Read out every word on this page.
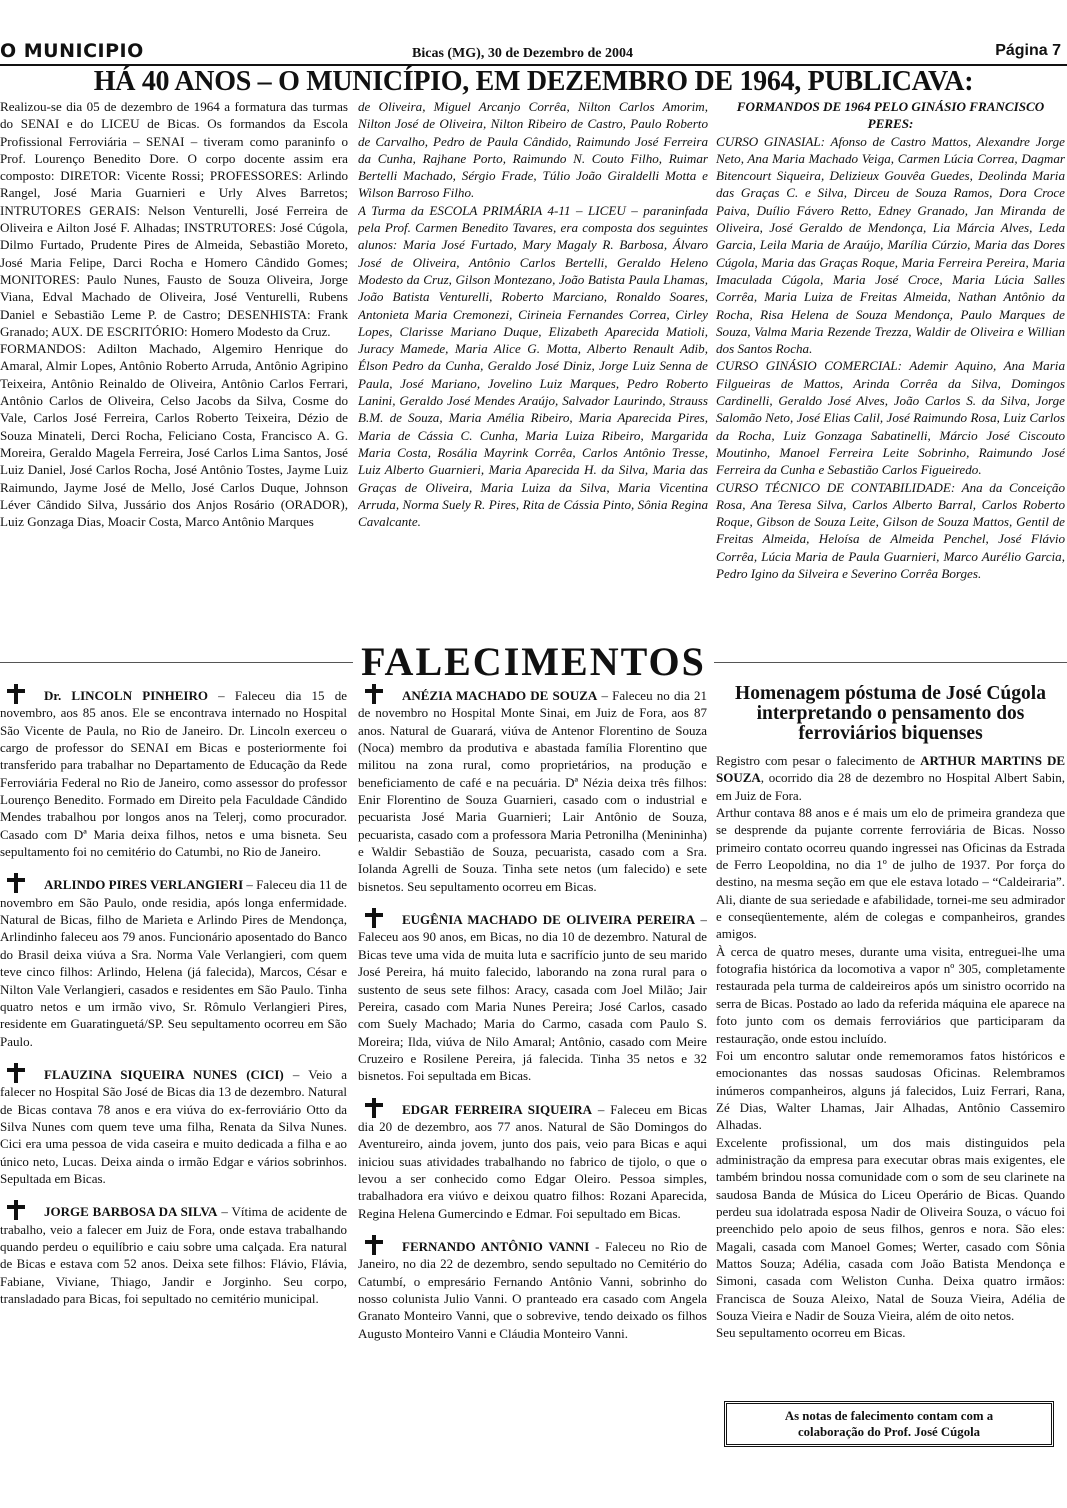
O MUNICIPIO	Bicas (MG), 30 de Dezembro de 2004	Página 7
HÁ 40 ANOS – O MUNICÍPIO, EM DEZEMBRO DE 1964, PUBLICAVA:

Realizou-se dia 05 de dezembro de 1964 a formatura das turmas do SENAI e do LICEU de Bicas. Os formandos da Escola Profissional Ferroviária – SENAI – tiveram como paraninfo o Prof. Lourenço Benedito Dore. O corpo docente assim era composto: DIRETOR: Vicente Rossi; PROFESSORES: Arlindo Rangel, José Maria Guarnieri e Urly Alves Barretos; INTRUTORES GERAIS: Nelson Venturelli, José Ferreira de Oliveira e Ailton José F. Alhadas; INSTRUTORES: José Cúgola, Dilmo Furtado, Prudente Pires de Almeida, Sebastião Moreto, José Maria Felipe, Darci Rocha e Homero Cândido Gomes; MONITORES: Paulo Nunes, Fausto de Souza Oliveira, Jorge Viana, Edval Machado de Oliveira, José Venturelli, Rubens Daniel e Sebastião Leme P. de Castro; DESENHISTA: Frank Granado; AUX. DE ESCRITÓRIO: Homero Modesto da Cruz.

FORMANDOS: Adilton Machado, Algemiro Henrique do Amaral, Almir Lopes, Antônio Roberto Arruda, Antônio Agripino Teixeira, Antônio Reinaldo de Oliveira, Antônio Carlos Ferrari, Antônio Carlos de Oliveira, Celso Jacobs da Silva, Cosme do Vale, Carlos José Ferreira, Carlos Roberto Teixeira, Dézio de Souza Minateli, Derci Rocha, Feliciano Costa, Francisco A. G. Moreira, Geraldo Magela Ferreira, José Carlos Lima Santos, José Luiz Daniel, José Carlos Rocha, José Antônio Tostes, Jayme Luiz Raimundo, Jayme José de Mello, José Carlos Duque, Johnson Léver Cândido Silva, Jussário dos Anjos Rosário (ORADOR), Luiz Gonzaga Dias, Moacir Costa, Marco Antônio Marques

de Oliveira, Miguel Arcanjo Corrêa, Nilton Carlos Amorim, Nilton José de Oliveira, Nilton Ribeiro de Castro, Paulo Roberto de Carvalho, Pedro de Paula Cândido, Raimundo José Ferreira da Cunha, Rajhane Porto, Raimundo N. Couto Filho, Ruimar Bertelli Machado, Sérgio Frade, Túlio João Giraldelli Motta e Wilson Barroso Filho.

A Turma da ESCOLA PRIMÁRIA 4-11 – LICEU – paraninfada pela Prof. Carmen Benedito Tavares, era composta dos seguintes alunos: Maria José Furtado, Mary Magaly R. Barbosa, Álvaro José de Oliveira, Antônio Carlos Bertelli, Geraldo Heleno Modesto da Cruz, Gilson Montezano, João Batista Paula Lhamas, João Batista Venturelli, Roberto Marciano, Ronaldo Soares, Antonieta Maria Cremonezi, Cirineia Fernandes Correa, Cirley Lopes, Clarisse Mariano Duque, Elizabeth Aparecida Matioli, Juracy Mamede, Maria Alice G. Motta, Alberto Renault Adib, Élson Pedro da Cunha, Geraldo José Diniz, Jorge Luiz Senna de Paula, José Mariano, Jovelino Luiz Marques, Pedro Roberto Lanini, Geraldo José Mendes Araújo, Salvador Laurindo, Strauss B.M. de Souza, Maria Amélia Ribeiro, Maria Aparecida Pires, Maria de Cássia C. Cunha, Maria Luiza Ribeiro, Margarida Maria Costa, Rosália Mayrink Corrêa, Carlos Antônio Tresse, Luiz Alberto Guarnieri, Maria Aparecida H. da Silva, Maria das Graças de Oliveira, Maria Luiza da Silva, Maria Vicentina Arruda, Norma Suely R. Pires, Rita de Cássia Pinto, Sônia Regina Cavalcante.

FORMANDOS DE 1964 PELO GINÁSIO FRANCISCO PERES:

CURSO GINASIAL: Afonso de Castro Mattos, Alexandre Jorge Neto, Ana Maria Machado Veiga, Carmen Lúcia Correa, Dagmar Bitencourt Siqueira, Delizieux Gouvêa Guedes, Deolinda Maria das Graças C. e Silva, Dirceu de Souza Ramos, Dora Croce Paiva, Duílio Fávero Retto, Edney Granado, Jan Miranda de Oliveira, José Geraldo de Mendonça, Lia Márcia Alves, Leda Garcia, Leila Maria de Araújo, Marília Cúrzio, Maria das Dores Cúgola, Maria das Graças Roque, Maria Ferreira Pereira, Maria Imaculada Cúgola, Maria José Croce, Maria Lúcia Salles Corrêa, Maria Luiza de Freitas Almeida, Nathan Antônio da Rocha, Risa Helena de Souza Mendonça, Paulo Marques de Souza, Valma Maria Rezende Trezza, Waldir de Oliveira e Willian dos Santos Rocha.

CURSO GINÁSIO COMERCIAL: Ademir Aquino, Ana Maria Filgueiras de Mattos, Arinda Corrêa da Silva, Domingos Cardinelli, Geraldo José Alves, João Carlos S. da Silva, Jorge Salomão Neto, José Elias Calil, José Raimundo Rosa, Luiz Carlos da Rocha, Luiz Gonzaga Sabatinelli, Márcio José Ciscouto Moutinho, Manoel Ferreira Leite Sobrinho, Raimundo José Ferreira da Cunha e Sebastião Carlos Figueiredo.

CURSO TÉCNICO DE CONTABILIDADE: Ana da Conceição Rosa, Ana Teresa Silva, Carlos Alberto Barral, Carlos Roberto Roque, Gibson de Souza Leite, Gilson de Souza Mattos, Gentil de Freitas Almeida, Heloísa de Almeida Penchel, José Flávio Corrêa, Lúcia Maria de Paula Guarnieri, Marco Aurélio Garcia, Pedro Igino da Silveira e Severino Corrêa Borges.

FALECIMENTOS
Dr. LINCOLN PINHEIRO – Faleceu dia 15 de novembro, aos 85 anos. Ele se encontrava internado no Hospital São Vicente de Paula, no Rio de Janeiro. Dr. Lincoln exerceu o cargo de professor do SENAI em Bicas e posteriormente foi transferido para trabalhar no Departamento de Educação da Rede Ferroviária Federal no Rio de Janeiro, como assessor do professor Lourenço Benedito. Formado em Direito pela Faculdade Cândido Mendes trabalhou por longos anos na Telerj, como procurador. Casado com Dª Maria deixa filhos, netos e uma bisneta. Seu sepultamento foi no cemitério do Catumbi, no Rio de Janeiro.
ARLINDO PIRES VERLANGIERI – Faleceu dia 11 de novembro em São Paulo, onde residia, após longa enfermidade. Natural de Bicas, filho de Marieta e Arlindo Pires de Mendonça, Arlindinho faleceu aos 79 anos. Funcionário aposentado do Banco do Brasil deixa viúva a Sra. Norma Vale Verlangieri, com quem teve cinco filhos: Arlindo, Helena (já falecida), Marcos, César e Nilton Vale Verlangieri, casados e residentes em São Paulo. Tinha quatro netos e um irmão vivo, Sr. Rômulo Verlangieri Pires, residente em Guaratinguetá/SP. Seu sepultamento ocorreu em São Paulo.
FLAUZINA SIQUEIRA NUNES (CICI) – Veio a falecer no Hospital São José de Bicas dia 13 de dezembro. Natural de Bicas contava 78 anos e era viúva do ex-ferroviário Otto da Silva Nunes com quem teve uma filha, Renata da Silva Nunes. Cici era uma pessoa de vida caseira e muito dedicada a filha e ao único neto, Lucas. Deixa ainda o irmão Edgar e vários sobrinhos. Sepultada em Bicas.
JORGE BARBOSA DA SILVA – Vítima de acidente de trabalho, veio a falecer em Juiz de Fora, onde estava trabalhando quando perdeu o equilíbrio e caiu sobre uma calçada. Era natural de Bicas e estava com 52 anos. Deixa sete filhos: Flávio, Flávia, Fabiane, Viviane, Thiago, Jandir e Jorginho. Seu corpo, transladado para Bicas, foi sepultado no cemitério municipal.
ANÉZIA MACHADO DE SOUZA – Faleceu no dia 21 de novembro no Hospital Monte Sinai, em Juiz de Fora, aos 87 anos. Natural de Guarará, viúva de Antenor Florentino de Souza (Noca) membro da produtiva e abastada família Florentino que militou na zona rural, como proprietários, na produção e beneficiamento de café e na pecuária. Dª Nézia deixa três filhos: Enir Florentino de Souza Guarnieri, casado com o industrial e pecuarista José Maria Guarnieri; Lair Antônio de Souza, pecuarista, casado com a professora Maria Petronilha (Menininha) e Waldir Sebastião de Souza, pecuarista, casado com a Sra. Iolanda Agrelli de Souza. Tinha sete netos (um falecido) e sete bisnetos. Seu sepultamento ocorreu em Bicas.
EUGÊNIA MACHADO DE OLIVEIRA PEREIRA – Faleceu aos 90 anos, em Bicas, no dia 10 de dezembro. Natural de Bicas teve uma vida de muita luta e sacrifício junto de seu marido José Pereira, há muito falecido, laborando na zona rural para o sustento de seus sete filhos: Aracy, casada com Joel Milão; Jair Pereira, casado com Maria Nunes Pereira; José Carlos, casado com Suely Machado; Maria do Carmo, casada com Paulo S. Moreira; Ilda, viúva de Nilo Amaral; Antônio, casado com Meire Cruzeiro e Rosilene Pereira, já falecida. Tinha 35 netos e 32 bisnetos. Foi sepultada em Bicas.
EDGAR FERREIRA SIQUEIRA – Faleceu em Bicas dia 20 de dezembro, aos 77 anos. Natural de São Domingos do Aventureiro, ainda jovem, junto dos pais, veio para Bicas e aqui iniciou suas atividades trabalhando no fabrico de tijolo, o que o levou a ser conhecido como Edgar Oleiro. Pessoa simples, trabalhadora era viúvo e deixou quatro filhos: Rozani Aparecida, Regina Helena Gumercindo e Edmar. Foi sepultado em Bicas.
FERNANDO ANTÔNIO VANNI - Faleceu no Rio de Janeiro, no dia 22 de dezembro, sendo sepultado no Cemitério do Catumbí, o empresário Fernando Antônio Vanni, sobrinho do nosso colunista Julio Vanni. O pranteado era casado com Angela Granato Monteiro Vanni, que o sobrevive, tendo deixado os filhos Augusto Monteiro Vanni e Cláudia Monteiro Vanni.
Homenagem póstuma de José Cúgola interpretando o pensamento dos ferroviários biquenses

Registro com pesar o falecimento de ARTHUR MARTINS DE SOUZA, ocorrido dia 28 de dezembro no Hospital Albert Sabin, em Juiz de Fora.

Arthur contava 88 anos e é mais um elo de primeira grandeza que se desprende da pujante corrente ferroviária de Bicas. Nosso primeiro contato ocorreu quando ingressei nas Oficinas da Estrada de Ferro Leopoldina, no dia 1º de julho de 1937. Por força do destino, na mesma seção em que ele estava lotado – “Caldeiraria”. Ali, diante de sua seriedade e afabilidade, tornei-me seu admirador e conseqüentemente, além de colegas e companheiros, grandes amigos.

À cerca de quatro meses, durante uma visita, entreguei-lhe uma fotografia histórica da locomotiva a vapor nº 305, completamente restaurada pela turma de caldeireiros após um sinistro ocorrido na serra de Bicas. Postado ao lado da referida máquina ele aparece na foto junto com os demais ferroviários que participaram da restauração, onde estou incluído.

Foi um encontro salutar onde rememoramos fatos históricos e emocionantes das nossas saudosas Oficinas. Relembramos inúmeros companheiros, alguns já falecidos, Luiz Ferrari, Rana, Zé Dias, Walter Lhamas, Jair Alhadas, Antônio Cassemiro Alhadas.

Excelente profissional, um dos mais distinguidos pela administração da empresa para executar obras mais exigentes, ele também brindou nossa comunidade com o som de seu clarinete na saudosa Banda de Música do Liceu Operário de Bicas. Quando perdeu sua idolatrada esposa Nadir de Oliveira Souza, o vácuo foi preenchido pelo apoio de seus filhos, genros e nora. São eles: Magali, casada com Manoel Gomes; Werter, casado com Sônia Mattos Souza; Adélia, casada com João Batista Mendonça e Simoni, casada com Weliston Cunha. Deixa quatro irmãos: Francisca de Souza Aleixo, Natal de Souza Vieira, Adélia de Souza Vieira e Nadir de Souza Vieira, além de oito netos.

Seu sepultamento ocorreu em Bicas.

As notas de falecimento contam com a
colaboração do Prof. José Cúgola
